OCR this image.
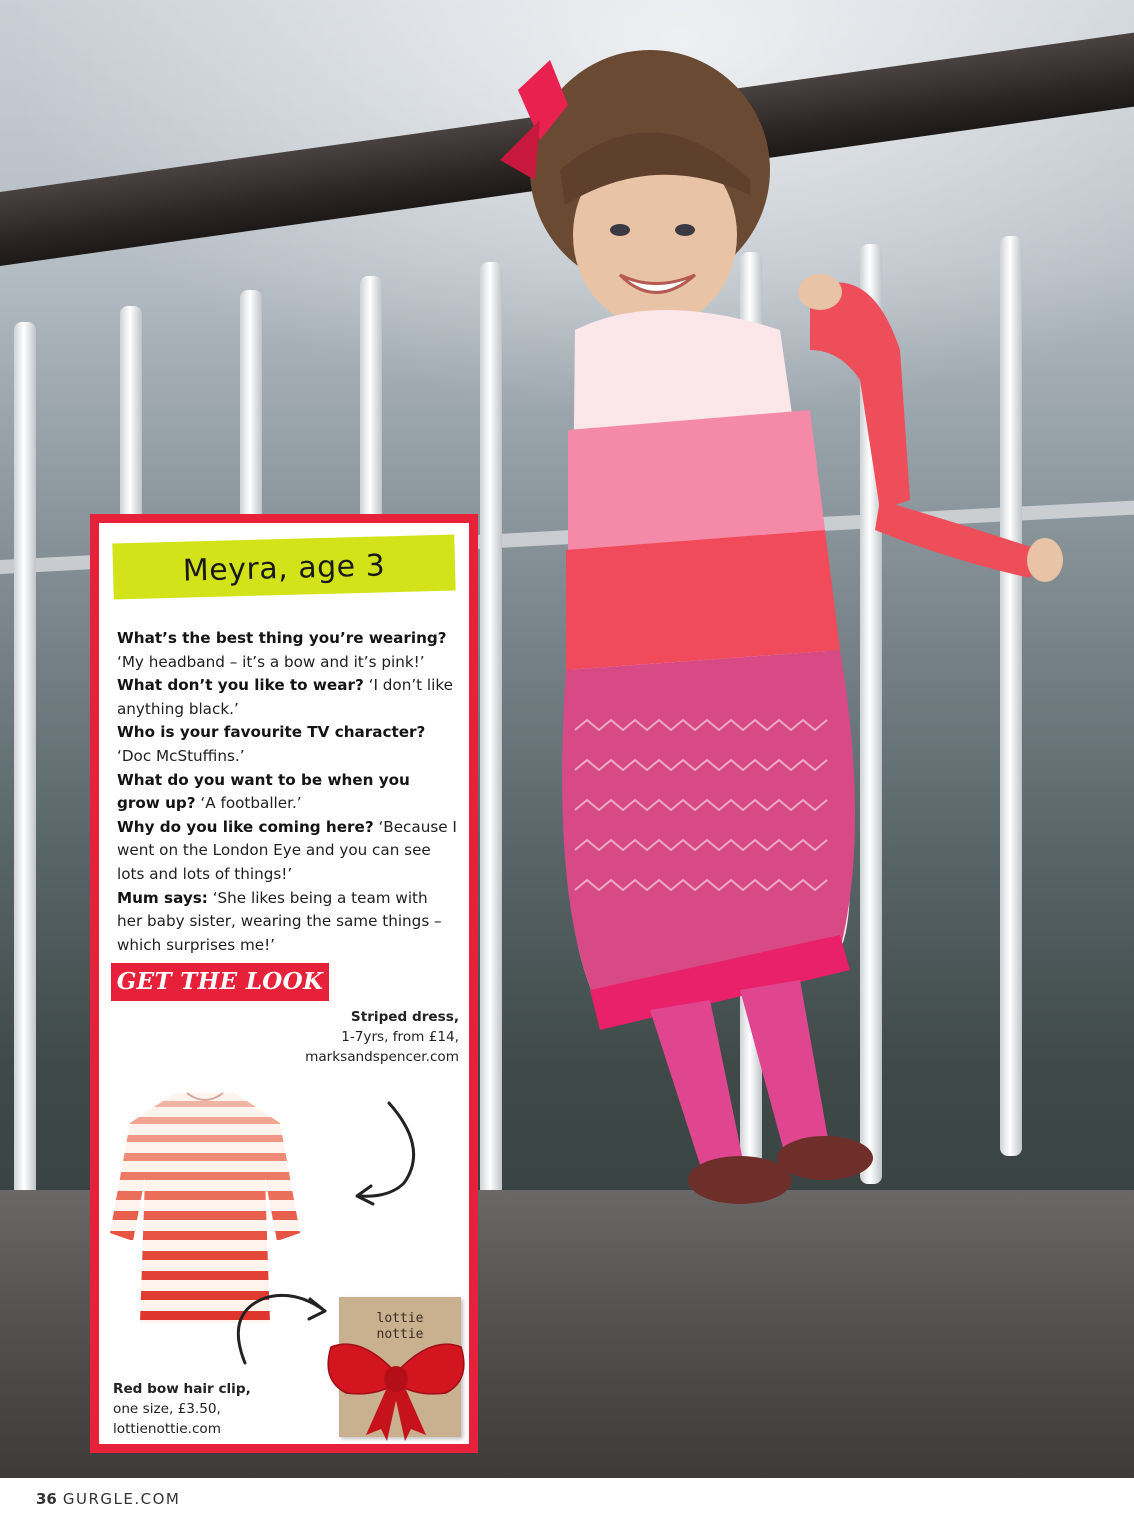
Meyra, age 3

What’s the best thing you’re wearing? ‘My headband – it’s a bow and it’s pink!’

What don’t you like to wear? ‘I don’t like anything black.’

Who is your favourite TV character? ‘Doc McStuffins.’

What do you want to be when you grow up? ‘A footballer.’

Why do you like coming here? ‘Because I went on the London Eye and you can see lots and lots of things!’

Mum says: ‘She likes being a team with her baby sister, wearing the same things – which surprises me!’

GET THE LOOK
Striped dress,
1-7yrs, from £14,
marksandspencer.com
lottie
nottie
Red bow hair clip,
one size, £3.50,
lottienottie.com
36 GURGLE.COM
